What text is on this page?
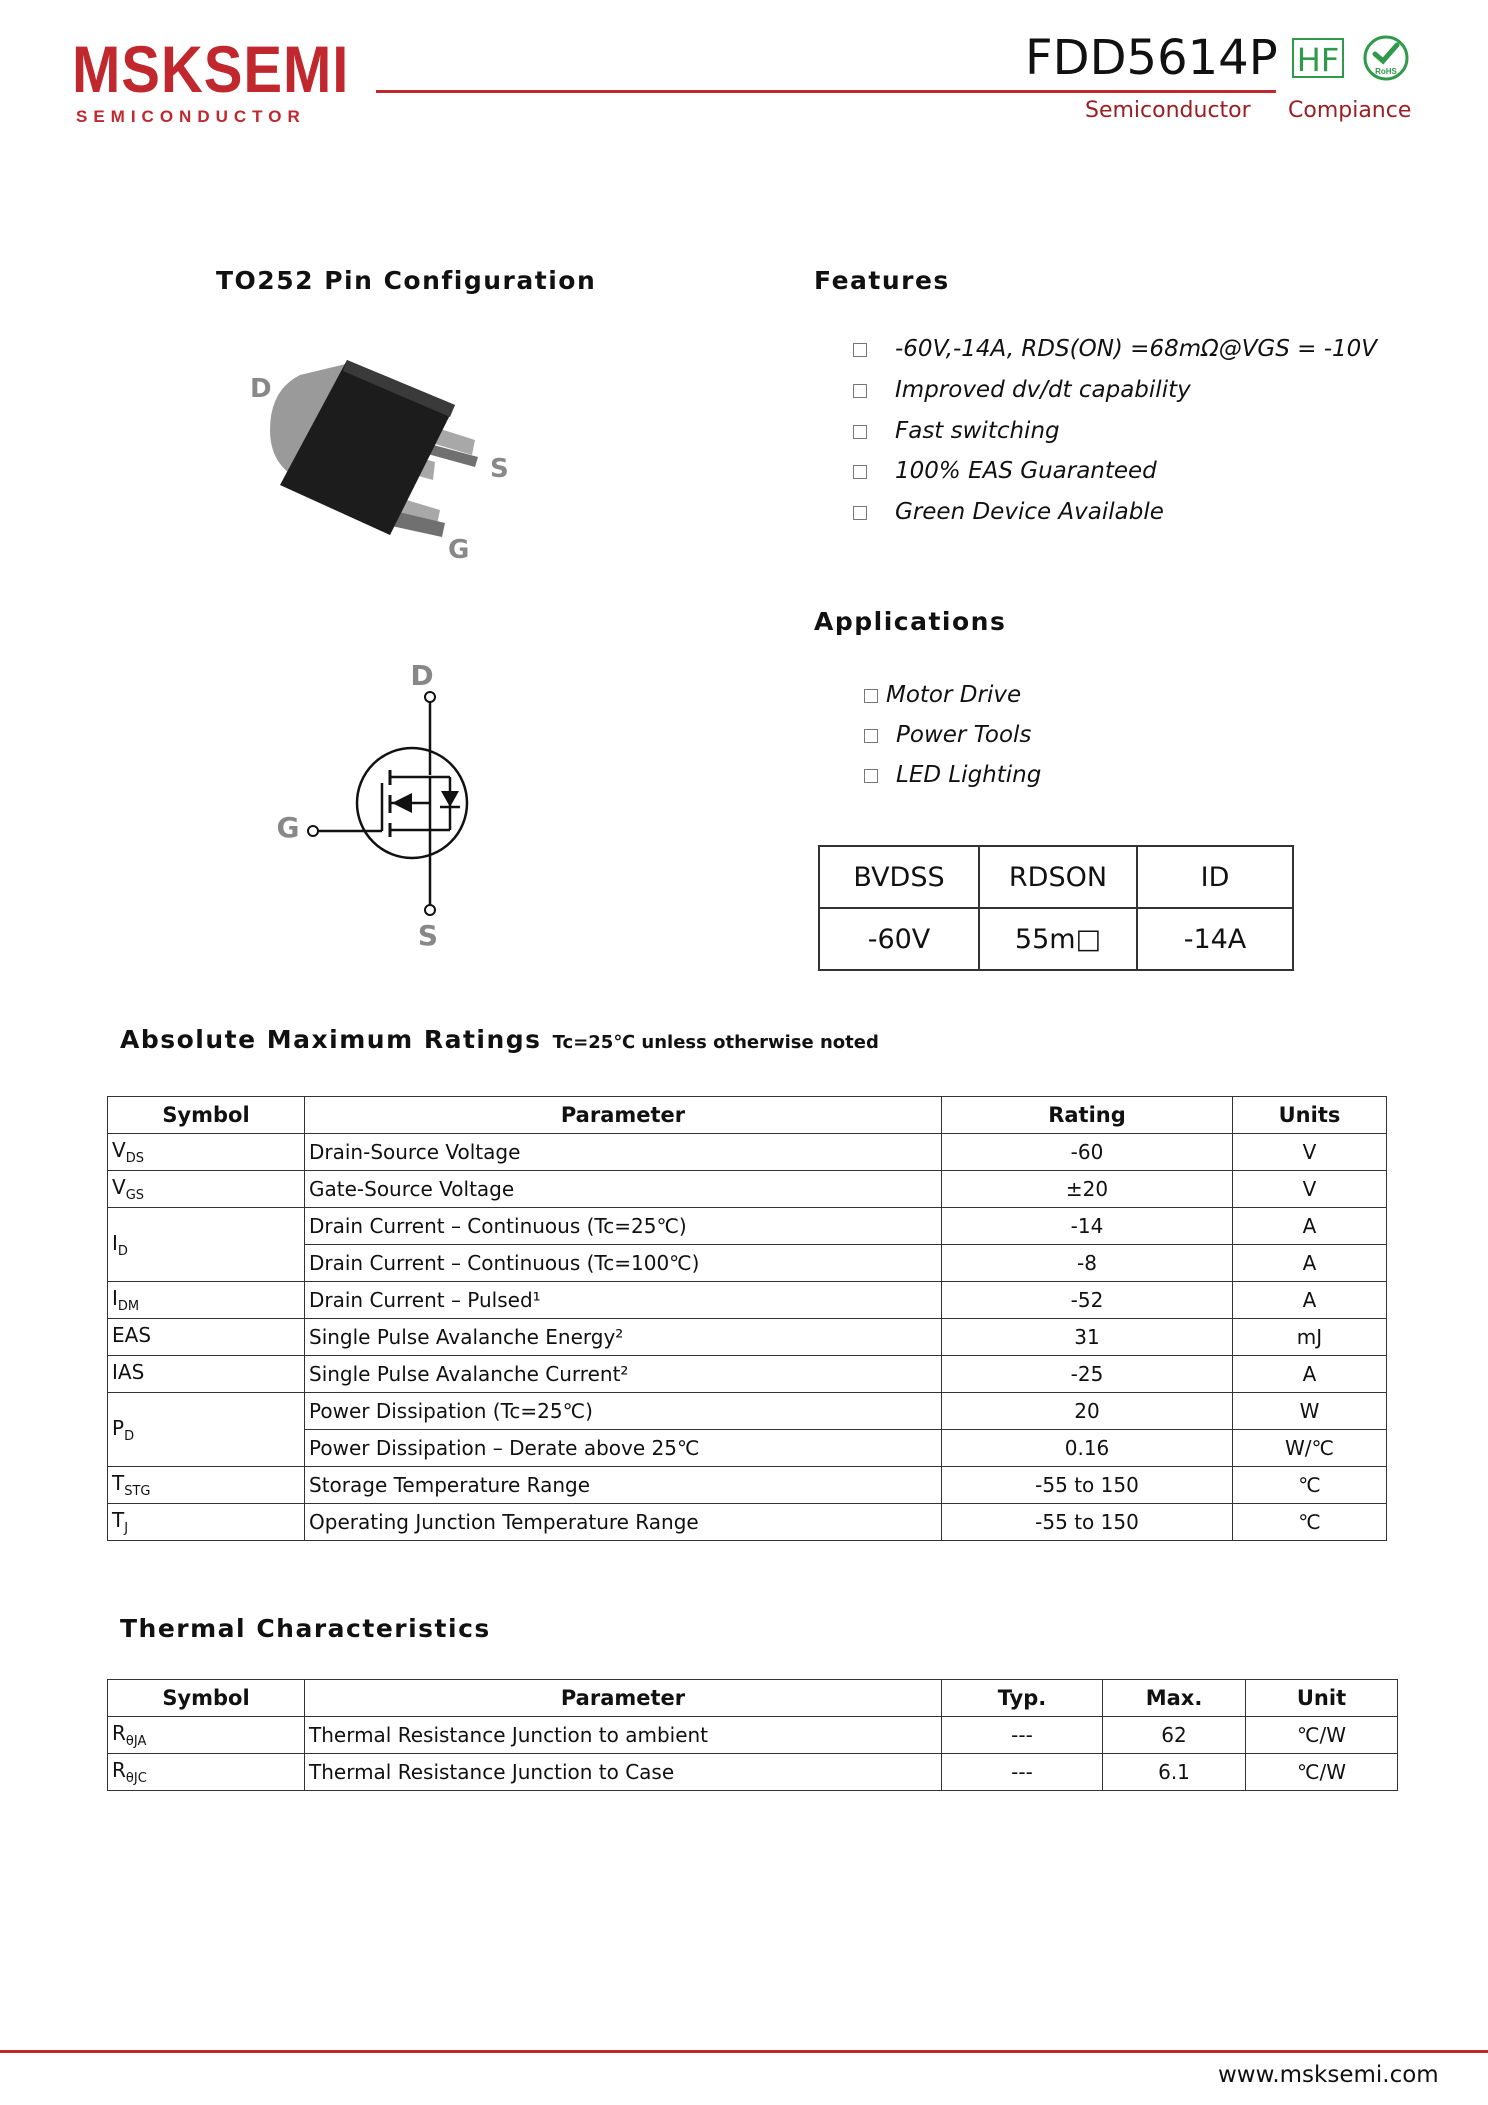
MSKSEMI
SEMICONDUCTOR
FDD5614P HF	RoHS
Semiconductor Compiance
TO252 Pin Configuration
D
S
G
D
G
S
Features
-60V,-14A, RDS(ON) =68mΩ@VGS = -10V
Improved dv/dt capability
Fast switching
100% EAS Guaranteed
Green Device Available
Applications
Motor Drive
Power Tools
LED Lighting
BVDSS	RDSON	ID
-60V	55m□	-14A
Absolute Maximum Ratings Tc=25℃ unless otherwise noted
Symbol	Parameter	Rating	Units
$V_{DS}$	Drain-Source Voltage	-60	V
$V_{GS}$	Gate-Source Voltage	±20	V
$I_D$	Drain Current – Continuous (Tc=25℃)	-14	A
	Drain Current – Continuous (Tc=100℃)	-8	A
$I_{DM}$	Drain Current – Pulsed¹	-52	A
EAS	Single Pulse Avalanche Energy²	31	mJ
IAS	Single Pulse Avalanche Current²	-25	A
$P_D$	Power Dissipation (Tc=25℃)	20	W
	Power Dissipation – Derate above 25℃	0.16	W/℃
$T_{STG}$	Storage Temperature Range	-55 to 150	℃
$T_J$	Operating Junction Temperature Range	-55 to 150	℃
Thermal Characteristics
Symbol	Parameter	Typ.	Max.	Unit
$R_{\theta JA}$	Thermal Resistance Junction to ambient	---	62	℃/W
$R_{\theta JC}$	Thermal Resistance Junction to Case	---	6.1	℃/W
www.msksemi.com
